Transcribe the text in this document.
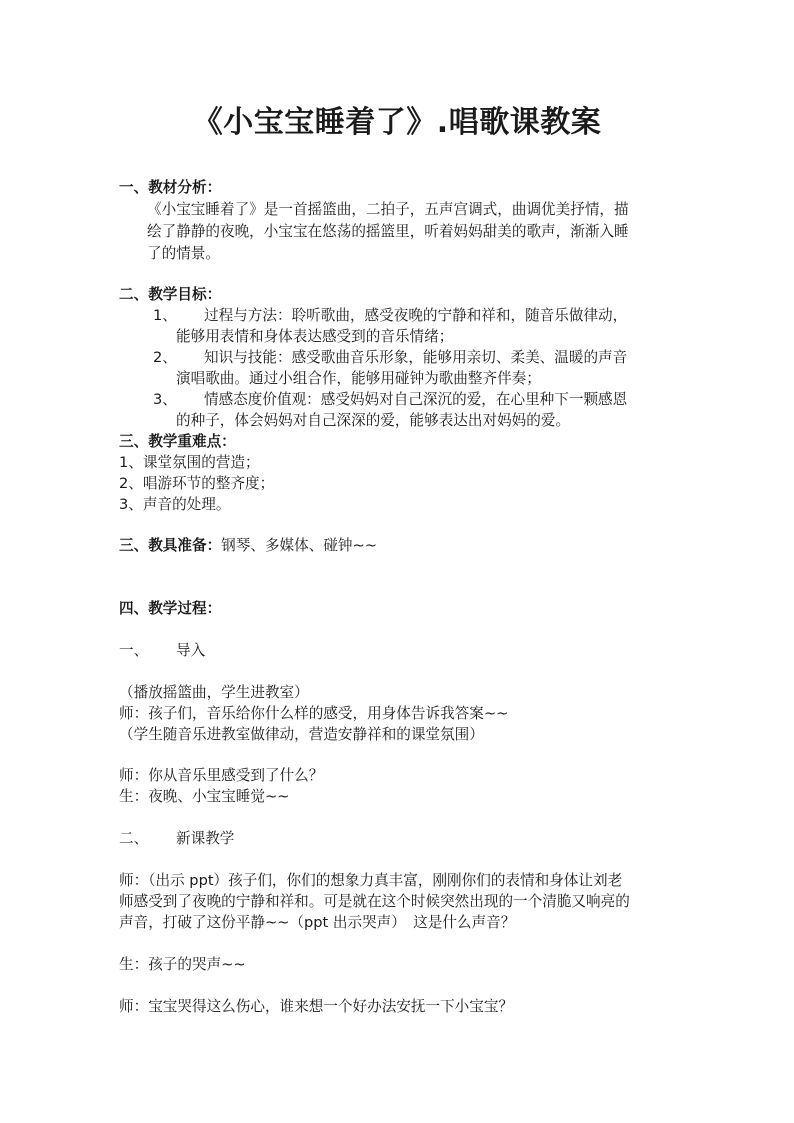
《小宝宝睡着了》.唱歌课教案

一、教材分析：

《小宝宝睡着了》是一首摇篮曲，二拍子，五声宫调式，曲调优美抒情，描

绘了静静的夜晚，小宝宝在悠荡的摇篮里，听着妈妈甜美的歌声，渐渐入睡

了的情景。

二、教学目标：

1、 过程与方法：聆听歌曲，感受夜晚的宁静和祥和，随音乐做律动，

能够用表情和身体表达感受到的音乐情绪；

2、 知识与技能：感受歌曲音乐形象，能够用亲切、柔美、温暖的声音

演唱歌曲。通过小组合作，能够用碰钟为歌曲整齐伴奏；

3、 情感态度价值观：感受妈妈对自己深沉的爱，在心里种下一颗感恩

的种子，体会妈妈对自己深深的爱，能够表达出对妈妈的爱。

三、教学重难点：

1、课堂氛围的营造；

2、唱游环节的整齐度；

3、声音的处理。

三、教具准备：钢琴、多媒体、碰钟~~

四、教学过程：

一、 导入

（播放摇篮曲，学生进教室）

师：孩子们，音乐给你什么样的感受，用身体告诉我答案~~

（学生随音乐进教室做律动，营造安静祥和的课堂氛围）

师：你从音乐里感受到了什么？

生：夜晚、小宝宝睡觉~~

二、 新课教学

师：（出示 ppt）孩子们，你们的想象力真丰富，刚刚你们的表情和身体让刘老

师感受到了夜晚的宁静和祥和。可是就在这个时候突然出现的一个清脆又响亮的

声音，打破了这份平静~~（ppt 出示哭声）　这是什么声音？

生：孩子的哭声~~

师：宝宝哭得这么伤心，谁来想一个好办法安抚一下小宝宝？
